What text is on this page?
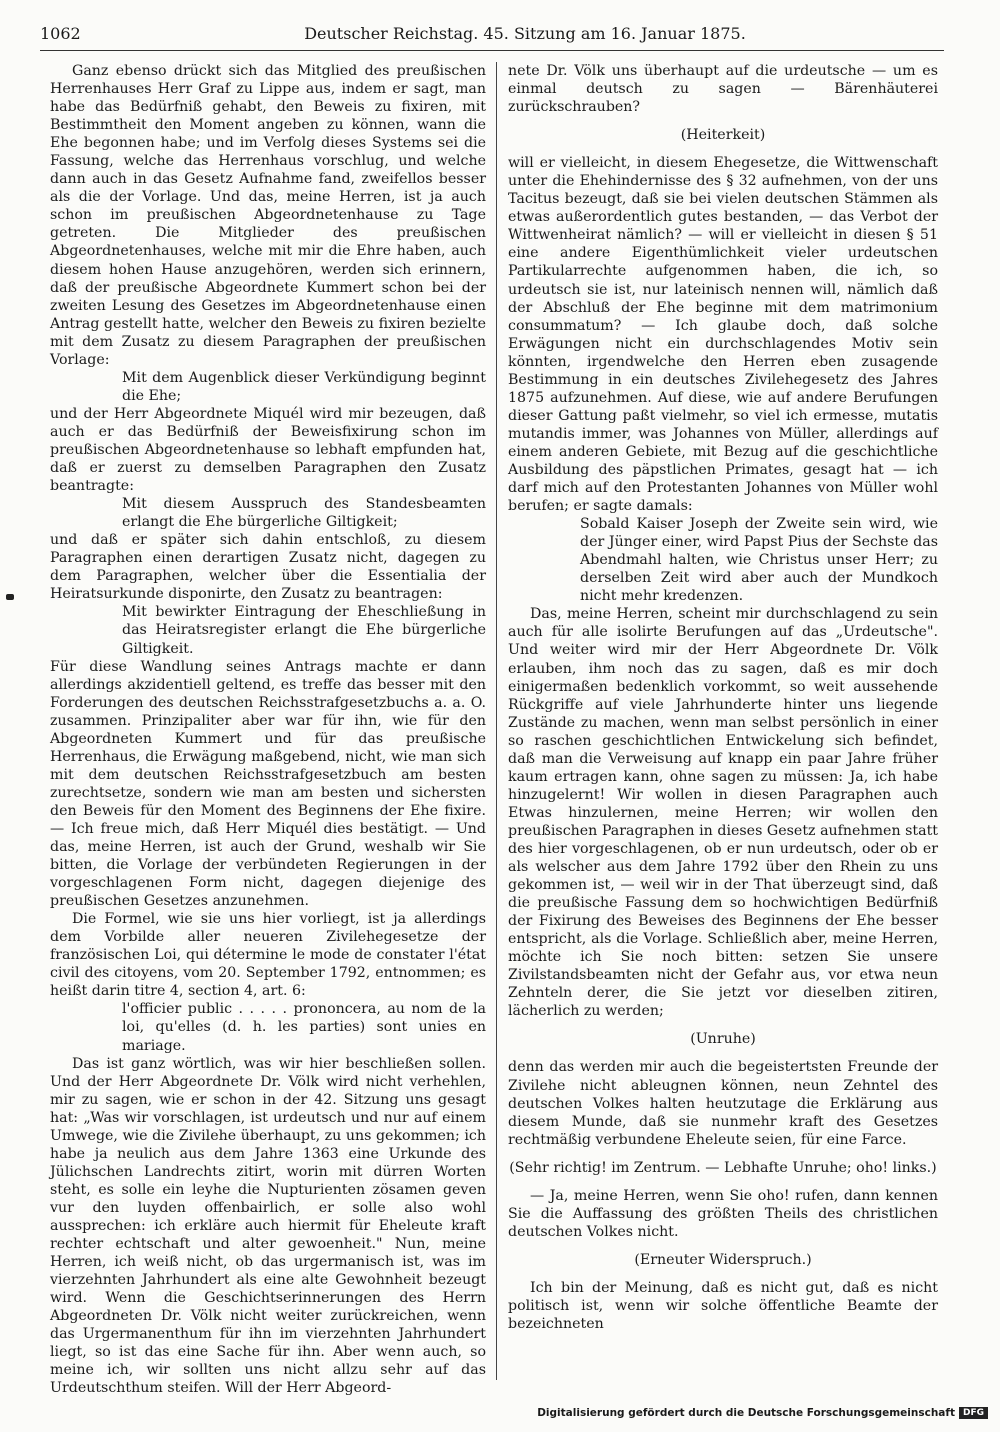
1062	Deutscher Reichstag. 45. Sitzung am 16. Januar 1875.

Ganz ebenso drückt sich das Mitglied des preußischen Herrenhauses Herr Graf zu Lippe aus, indem er sagt, man habe das Bedürfniß gehabt, den Beweis zu fixiren, mit Bestimmtheit den Moment angeben zu können, wann die Ehe begonnen habe; und im Verfolg dieses Systems sei die Fassung, welche das Herrenhaus vorschlug, und welche dann auch in das Gesetz Aufnahme fand, zweifellos besser als die der Vorlage. Und das, meine Herren, ist ja auch schon im preußischen Abgeordnetenhause zu Tage getreten. Die Mitglieder des preußischen Abgeordnetenhauses, welche mit mir die Ehre haben, auch diesem hohen Hause anzugehören, werden sich erinnern, daß der preußische Abgeordnete Kummert schon bei der zweiten Lesung des Gesetzes im Abgeordnetenhause einen Antrag gestellt hatte, welcher den Beweis zu fixiren bezielte mit dem Zusatz zu diesem Paragraphen der preußischen Vorlage:

Mit dem Augenblick dieser Verkündigung beginnt die Ehe;

und der Herr Abgeordnete Miquél wird mir bezeugen, daß auch er das Bedürfniß der Beweisfixirung schon im preußischen Abgeordnetenhause so lebhaft empfunden hat, daß er zuerst zu demselben Paragraphen den Zusatz beantragte:

Mit diesem Ausspruch des Standesbeamten erlangt die Ehe bürgerliche Giltigkeit;

und daß er später sich dahin entschloß, zu diesem Paragraphen einen derartigen Zusatz nicht, dagegen zu dem Paragraphen, welcher über die Essentialia der Heiratsurkunde disponirte, den Zusatz zu beantragen:

Mit bewirkter Eintragung der Eheschließung in das Heiratsregister erlangt die Ehe bürgerliche Giltigkeit.

Für diese Wandlung seines Antrags machte er dann allerdings akzidentiell geltend, es treffe das besser mit den Forderungen des deutschen Reichsstrafgesetzbuchs a. a. O. zusammen. Prinzipaliter aber war für ihn, wie für den Abgeordneten Kummert und für das preußische Herrenhaus, die Erwägung maßgebend, nicht, wie man sich mit dem deutschen Reichsstrafgesetzbuch am besten zurechtsetze, sondern wie man am besten und sichersten den Beweis für den Moment des Beginnens der Ehe fixire. — Ich freue mich, daß Herr Miquél dies bestätigt. — Und das, meine Herren, ist auch der Grund, weshalb wir Sie bitten, die Vorlage der verbündeten Regierungen in der vorgeschlagenen Form nicht, dagegen diejenige des preußischen Gesetzes anzunehmen.

Die Formel, wie sie uns hier vorliegt, ist ja allerdings dem Vorbilde aller neueren Zivilehegesetze der französischen Loi, qui détermine le mode de constater l'état civil des citoyens, vom 20. September 1792, entnommen; es heißt darin titre 4, section 4, art. 6:

l'officier public . . . . . prononcera, au nom de la loi, qu'elles (d. h. les parties) sont unies en mariage.

Das ist ganz wörtlich, was wir hier beschließen sollen. Und der Herr Abgeordnete Dr. Völk wird nicht verhehlen, mir zu sagen, wie er schon in der 42. Sitzung uns gesagt hat: „Was wir vorschlagen, ist urdeutsch und nur auf einem Umwege, wie die Zivilehe überhaupt, zu uns gekommen; ich habe ja neulich aus dem Jahre 1363 eine Urkunde des Jülichschen Landrechts zitirt, worin mit dürren Worten steht, es solle ein leyhe die Nupturienten zösamen geven vur den luyden offenbairlich, er solle also wohl aussprechen: ich erkläre auch hiermit für Eheleute kraft rechter echtschaft und alter gewoenheit." Nun, meine Herren, ich weiß nicht, ob das urgermanisch ist, was im vierzehnten Jahrhundert als eine alte Gewohnheit bezeugt wird. Wenn die Geschichtserinnerungen des Herrn Abgeordneten Dr. Völk nicht weiter zurückreichen, wenn das Urgermanenthum für ihn im vierzehnten Jahrhundert liegt, so ist das eine Sache für ihn. Aber wenn auch, so meine ich, wir sollten uns nicht allzu sehr auf das Urdeutschthum steifen. Will der Herr Abgeord-

nete Dr. Völk uns überhaupt auf die urdeutsche — um es einmal deutsch zu sagen — Bärenhäuterei zurückschrauben?

(Heiterkeit)

will er vielleicht, in diesem Ehegesetze, die Wittwenschaft unter die Ehehindernisse des § 32 aufnehmen, von der uns Tacitus bezeugt, daß sie bei vielen deutschen Stämmen als etwas außerordentlich gutes bestanden, — das Verbot der Wittwenheirat nämlich? — will er vielleicht in diesen § 51 eine andere Eigenthümlichkeit vieler urdeutschen Partikularrechte aufgenommen haben, die ich, so urdeutsch sie ist, nur lateinisch nennen will, nämlich daß der Abschluß der Ehe beginne mit dem matrimonium consummatum? — Ich glaube doch, daß solche Erwägungen nicht ein durchschlagendes Motiv sein könnten, irgendwelche den Herren eben zusagende Bestimmung in ein deutsches Zivilehegesetz des Jahres 1875 aufzunehmen. Auf diese, wie auf andere Berufungen dieser Gattung paßt vielmehr, so viel ich ermesse, mutatis mutandis immer, was Johannes von Müller, allerdings auf einem anderen Gebiete, mit Bezug auf die geschichtliche Ausbildung des päpstlichen Primates, gesagt hat — ich darf mich auf den Protestanten Johannes von Müller wohl berufen; er sagte damals:

Sobald Kaiser Joseph der Zweite sein wird, wie der Jünger einer, wird Papst Pius der Sechste das Abendmahl halten, wie Christus unser Herr; zu derselben Zeit wird aber auch der Mundkoch nicht mehr kredenzen.

Das, meine Herren, scheint mir durchschlagend zu sein auch für alle isolirte Berufungen auf das „Urdeutsche". Und weiter wird mir der Herr Abgeordnete Dr. Völk erlauben, ihm noch das zu sagen, daß es mir doch einigermaßen bedenklich vorkommt, so weit aussehende Rückgriffe auf viele Jahrhunderte hinter uns liegende Zustände zu machen, wenn man selbst persönlich in einer so raschen geschichtlichen Entwickelung sich befindet, daß man die Verweisung auf knapp ein paar Jahre früher kaum ertragen kann, ohne sagen zu müssen: Ja, ich habe hinzugelernt! Wir wollen in diesen Paragraphen auch Etwas hinzulernen, meine Herren; wir wollen den preußischen Paragraphen in dieses Gesetz aufnehmen statt des hier vorgeschlagenen, ob er nun urdeutsch, oder ob er als welscher aus dem Jahre 1792 über den Rhein zu uns gekommen ist, — weil wir in der That überzeugt sind, daß die preußische Fassung dem so hochwichtigen Bedürfniß der Fixirung des Beweises des Beginnens der Ehe besser entspricht, als die Vorlage. Schließlich aber, meine Herren, möchte ich Sie noch bitten: setzen Sie unsere Zivilstandsbeamten nicht der Gefahr aus, vor etwa neun Zehnteln derer, die Sie jetzt vor dieselben zitiren, lächerlich zu werden;

(Unruhe)

denn das werden mir auch die begeistertsten Freunde der Zivilehe nicht ableugnen können, neun Zehntel des deutschen Volkes halten heutzutage die Erklärung aus diesem Munde, daß sie nunmehr kraft des Gesetzes rechtmäßig verbundene Eheleute seien, für eine Farce.

(Sehr richtig! im Zentrum. — Lebhafte Unruhe; oho! links.)

— Ja, meine Herren, wenn Sie oho! rufen, dann kennen Sie die Auffassung des größten Theils des christlichen deutschen Volkes nicht.

(Erneuter Widerspruch.)

Ich bin der Meinung, daß es nicht gut, daß es nicht politisch ist, wenn wir solche öffentliche Beamte der bezeichneten

Digitalisierung gefördert durch die Deutsche Forschungsgemeinschaft DFG
